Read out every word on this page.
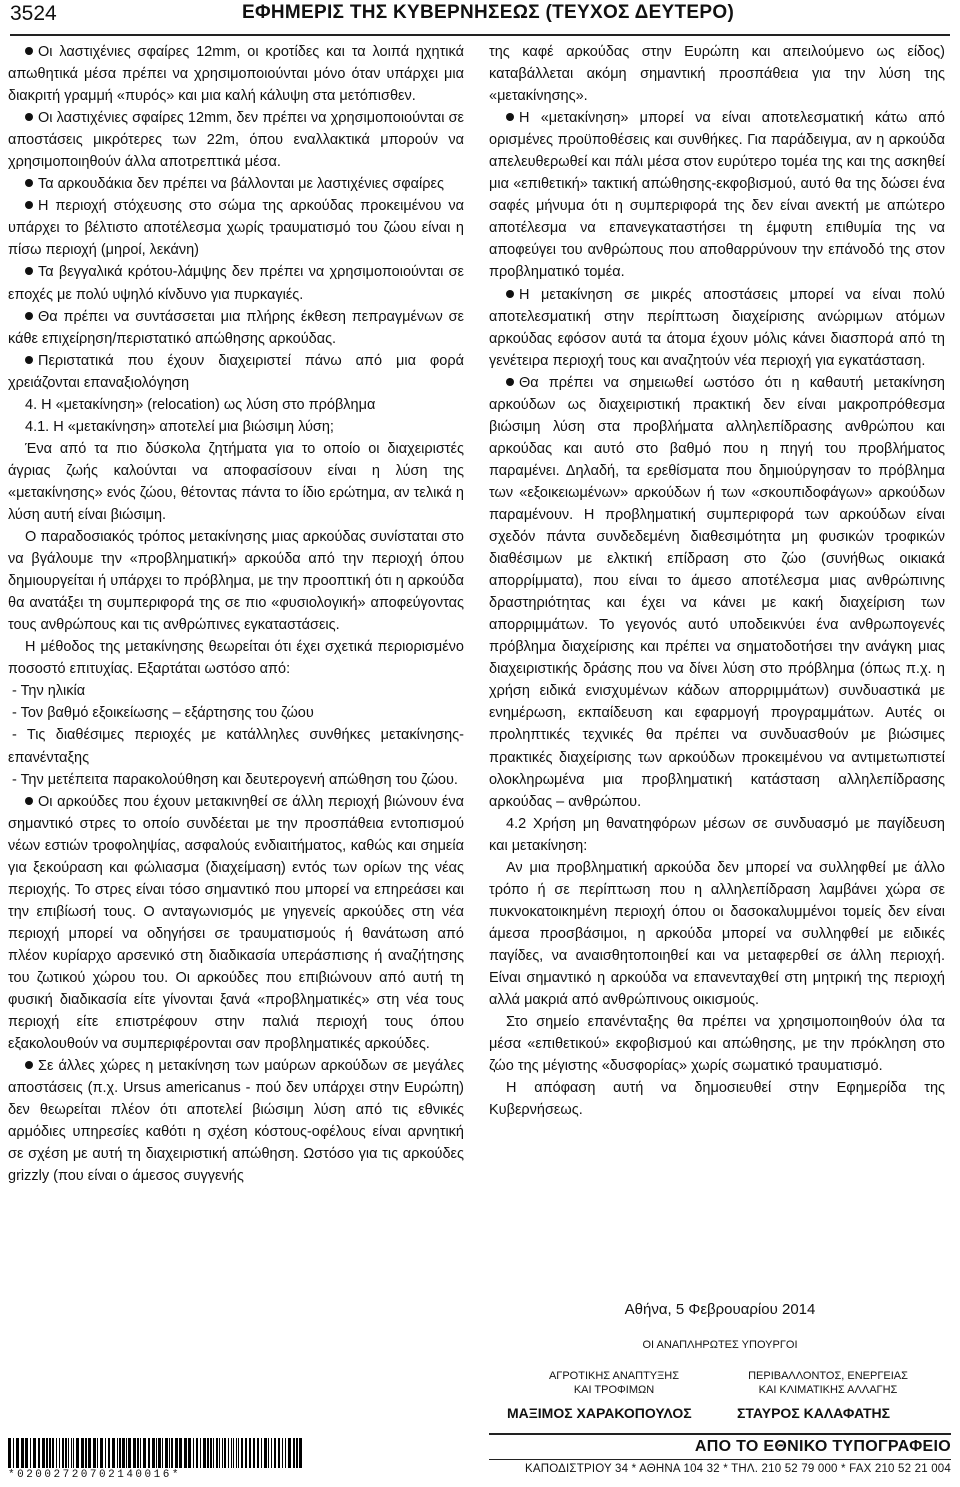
3524	ΕΦΗΜΕΡΙΣ ΤΗΣ ΚΥΒΕΡΝΗΣΕΩΣ (ΤΕΥΧΟΣ ΔΕΥΤΕΡΟ)

Οι λαστιχένιες σφαίρες 12mm, οι κροτίδες και τα λοιπά ηχητικά απωθητικά μέσα πρέπει να χρησιμοποιούνται μόνο όταν υπάρχει μια διακριτή γραμμή «πυρός» και μια καλή κάλυψη στα μετόπισθεν.

Οι λαστιχένιες σφαίρες 12mm, δεν πρέπει να χρησιμοποιούνται σε αποστάσεις μικρότερες των 22m, όπου εναλλακτικά μπορούν να χρησιμοποιηθούν άλλα αποτρεπτικά μέσα.

Τα αρκουδάκια δεν πρέπει να βάλλονται με λαστιχένιες σφαίρες

Η περιοχή στόχευσης στο σώμα της αρκούδας προκειμένου να υπάρχει το βέλτιστο αποτέλεσμα χωρίς τραυματισμό του ζώου είναι η πίσω περιοχή (μηροί, λεκάνη)

Τα βεγγαλικά κρότου-λάμψης δεν πρέπει να χρησιμοποιούνται σε εποχές με πολύ υψηλό κίνδυνο για πυρκαγιές.

Θα πρέπει να συντάσσεται μια πλήρης έκθεση πεπραγμένων σε κάθε επιχείρηση/περιστατικό απώθησης αρκούδας.

Περιστατικά που έχουν διαχειριστεί πάνω από μια φορά χρειάζονται επαναξιολόγηση

4. Η «μετακίνηση» (relocation) ως λύση στο πρόβλημα

4.1. Η «μετακίνηση» αποτελεί μια βιώσιμη λύση;

Ένα από τα πιο δύσκολα ζητήματα για το οποίο οι διαχειριστές άγριας ζωής καλούνται να αποφασίσουν είναι η λύση της «μετακίνησης» ενός ζώου, θέτοντας πάντα το ίδιο ερώτημα, αν τελικά η λύση αυτή είναι βιώσιμη.

Ο παραδοσιακός τρόπος μετακίνησης μιας αρκούδας συνίσταται στο να βγάλουμε την «προβληματική» αρκούδα από την περιοχή όπου δημιουργείται ή υπάρχει το πρόβλημα, με την προοπτική ότι η αρκούδα θα ανατάξει τη συμπεριφορά της σε πιο «φυσιολογική» αποφεύγοντας τους ανθρώπους και τις ανθρώπινες εγκαταστάσεις.

Η μέθοδος της μετακίνησης θεωρείται ότι έχει σχετικά περιορισμένο ποσοστό επιτυχίας. Εξαρτάται ωστόσο από:

- Την ηλικία

- Τον βαθμό εξοικείωσης – εξάρτησης του ζώου

- Τις διαθέσιμες περιοχές με κατάλληλες συνθήκες μετακίνησης-επανένταξης

- Την μετέπειτα παρακολούθηση και δευτερογενή απώθηση του ζώου.

Οι αρκούδες που έχουν μετακινηθεί σε άλλη περιοχή βιώνουν ένα σημαντικό στρες το οποίο συνδέεται με την προσπάθεια εντοπισμού νέων εστιών τροφοληψίας, ασφαλούς ενδιαιτήματος, καθώς και σημεία για ξεκούραση και φώλιασμα (διαχείμαση) εντός των ορίων της νέας περιοχής. Το στρες είναι τόσο σημαντικό που μπορεί να επηρεάσει και την επιβίωσή τους. Ο ανταγωνισμός με γηγενείς αρκούδες στη νέα περιοχή μπορεί να οδηγήσει σε τραυματισμούς ή θανάτωση από πλέον κυρίαρχο αρσενικό στη διαδικασία υπεράσπισης ή αναζήτησης του ζωτικού χώρου του. Οι αρκούδες που επιβιώνουν από αυτή τη φυσική διαδικασία είτε γίνονται ξανά «προβληματικές» στη νέα τους περιοχή είτε επιστρέφουν στην παλιά περιοχή τους όπου εξακολουθούν να συμπεριφέρονται σαν προβληματικές αρκούδες.

Σε άλλες χώρες η μετακίνηση των μαύρων αρκούδων σε μεγάλες αποστάσεις (π.χ. Ursus americanus - πού δεν υπάρχει στην Ευρώπη) δεν θεωρείται πλέον ότι αποτελεί βιώσιμη λύση από τις εθνικές αρμόδιες υπηρεσίες καθότι η σχέση κόστους-οφέλους είναι αρνητική σε σχέση με αυτή τη διαχειριστική απώθηση. Ωστόσο για τις αρκούδες grizzly (που είναι ο άμεσος συγγενής

της καφέ αρκούδας στην Ευρώπη και απειλούμενο ως είδος) καταβάλλεται ακόμη σημαντική προσπάθεια για την λύση της «μετακίνησης».

Η «μετακίνηση» μπορεί να είναι αποτελεσματική κάτω από ορισμένες προϋποθέσεις και συνθήκες. Για παράδειγμα, αν η αρκούδα απελευθερωθεί και πάλι μέσα στον ευρύτερο τομέα της και της ασκηθεί μια «επιθετική» τακτική απώθησης-εκφοβισμού, αυτό θα της δώσει ένα σαφές μήνυμα ότι η συμπεριφορά της δεν είναι ανεκτή με απώτερο αποτέλεσμα να επανεγκαταστήσει τη έμφυτη επιθυμία της να αποφεύγει του ανθρώπους που αποθαρρύνουν την επάνοδό της στον προβληματικό τομέα.

Η μετακίνηση σε μικρές αποστάσεις μπορεί να είναι πολύ αποτελεσματική στην περίπτωση διαχείρισης ανώριμων ατόμων αρκούδας εφόσον αυτά τα άτομα έχουν μόλις κάνει διασπορά από τη γενέτειρα περιοχή τους και αναζητούν νέα περιοχή για εγκατάσταση.

Θα πρέπει να σημειωθεί ωστόσο ότι η καθαυτή μετακίνηση αρκούδων ως διαχειριστική πρακτική δεν είναι μακροπρόθεσμα βιώσιμη λύση στα προβλήματα αλληλεπίδρασης ανθρώπου και αρκούδας και αυτό στο βαθμό που η πηγή του προβλήματος παραμένει. Δηλαδή, τα ερεθίσματα που δημιούργησαν το πρόβλημα των «εξοικειωμένων» αρκούδων ή των «σκουπιδοφάγων» αρκούδων παραμένουν. Η προβληματική συμπεριφορά των αρκούδων είναι σχεδόν πάντα συνδεδεμένη διαθεσιμότητα μη φυσικών τροφικών διαθέσιμων με ελκτική επίδραση στο ζώο (συνήθως οικιακά απορρίμματα), που είναι το άμεσο αποτέλεσμα μιας ανθρώπινης δραστηριότητας και έχει να κάνει με κακή διαχείριση των απορριμμάτων. Το γεγονός αυτό υποδεικνύει ένα ανθρωπογενές πρόβλημα διαχείρισης και πρέπει να σηματοδοτήσει την ανάγκη μιας διαχειριστικής δράσης που να δίνει λύση στο πρόβλημα (όπως π.χ. η χρήση ειδικά ενισχυμένων κάδων απορριμμάτων) συνδυαστικά με ενημέρωση, εκπαίδευση και εφαρμογή προγραμμάτων. Αυτές οι προληπτικές τεχνικές θα πρέπει να συνδυασθούν με βιώσιμες πρακτικές διαχείρισης των αρκούδων προκειμένου να αντιμετωπιστεί ολοκληρωμένα μια προβληματική κατάσταση αλληλεπίδρασης αρκούδας – ανθρώπου.

4.2 Χρήση μη θανατηφόρων μέσων σε συνδυασμό με παγίδευση και μετακίνηση:

Αν μια προβληματική αρκούδα δεν μπορεί να συλληφθεί με άλλο τρόπο ή σε περίπτωση που η αλληλεπίδραση λαμβάνει χώρα σε πυκνοκατοικημένη περιοχή όπου οι δασοκαλυμμένοι τομείς δεν είναι άμεσα προσβάσιμοι, η αρκούδα μπορεί να συλληφθεί με ειδικές παγίδες, να αναισθητοποιηθεί και να μεταφερθεί σε άλλη περιοχή. Είναι σημαντικό η αρκούδα να επανενταχθεί στη μητρική της περιοχή αλλά μακριά από ανθρώπινους οικισμούς.

Στο σημείο επανένταξης θα πρέπει να χρησιμοποιηθούν όλα τα μέσα «επιθετικού» εκφοβισμού και απώθησης, με την πρόκληση στο ζώο της μέγιστης «δυσφορίας» χωρίς σωματικό τραυματισμό.

Η απόφαση αυτή να δημοσιευθεί στην Εφημερίδα της Κυβερνήσεως.

Αθήνα, 5 Φεβρουαρίου 2014
ΟΙ ΑΝΑΠΛΗΡΩΤΕΣ ΥΠΟΥΡΓΟΙ
ΑΓΡΟΤΙΚΗΣ ΑΝΑΠΤΥΞΗΣ
ΚΑΙ ΤΡΟΦΙΜΩΝ
ΠΕΡΙΒΑΛΛΟΝΤΟΣ, ΕΝΕΡΓΕΙΑΣ
ΚΑΙ ΚΛΙΜΑΤΙΚΗΣ ΑΛΛΑΓΗΣ
ΜΑΞΙΜΟΣ ΧΑΡΑΚΟΠΟΥΛΟΣ	ΣΤΑΥΡΟΣ ΚΑΛΑΦΑΤΗΣ
*02002720702140016*
ΑΠΟ ΤΟ ΕΘΝΙΚΟ ΤΥΠΟΓΡΑΦΕΙΟ
ΚΑΠΟΔΙΣΤΡΙΟΥ 34 * ΑΘΗΝΑ 104 32 * ΤΗΛ. 210 52 79 000 * FAX 210 52 21 004
